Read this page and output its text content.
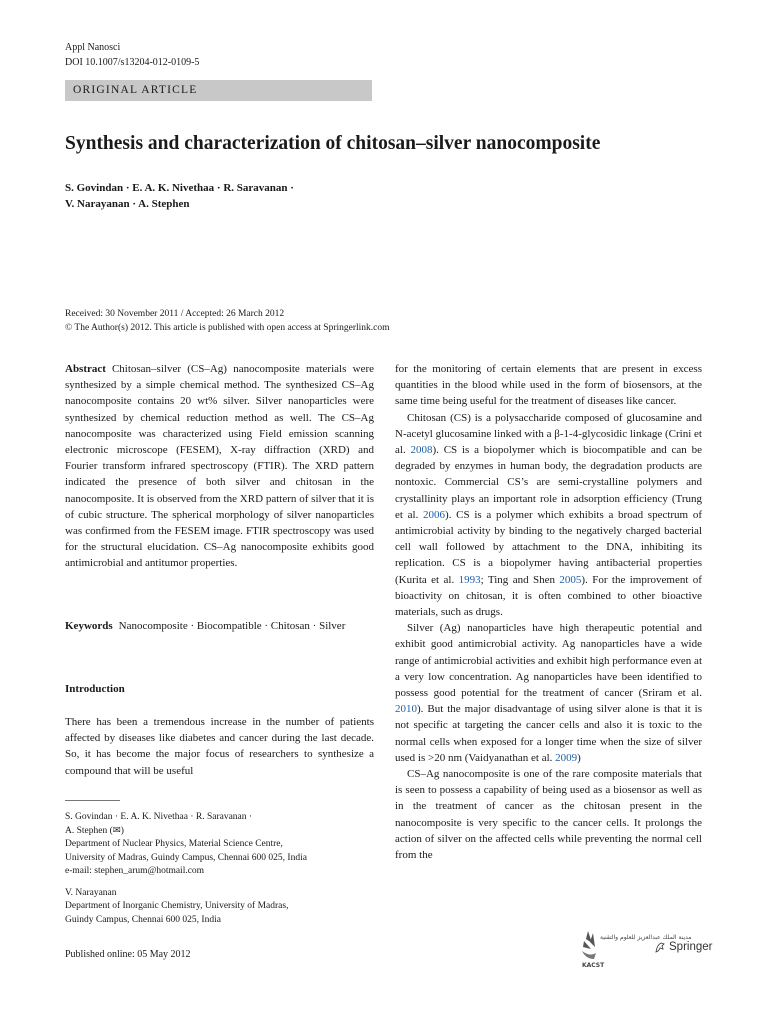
Appl Nanosci
DOI 10.1007/s13204-012-0109-5
ORIGINAL ARTICLE
Synthesis and characterization of chitosan–silver nanocomposite
S. Govindan · E. A. K. Nivethaa · R. Saravanan ·
V. Narayanan · A. Stephen
Received: 30 November 2011 / Accepted: 26 March 2012
© The Author(s) 2012. This article is published with open access at Springerlink.com

Abstract Chitosan–silver (CS–Ag) nanocomposite materials were synthesized by a simple chemical method. The synthesized CS–Ag nanocomposite contains 20 wt% silver. Silver nanoparticles were synthesized by chemical reduction method as well. The CS–Ag nanocomposite was characterized using Field emission scanning electronic microscope (FESEM), X-ray diffraction (XRD) and Fourier transform infrared spectroscopy (FTIR). The XRD pattern indicated the presence of both silver and chitosan in the nanocomposite. It is observed from the XRD pattern of silver that it is of cubic structure. The spherical morphology of silver nanoparticles was confirmed from the FESEM image. FTIR spectroscopy was used for the structural elucidation. CS–Ag nanocomposite exhibits good antimicrobial and antitumor properties.

Keywords Nanocomposite · Biocompatible · Chitosan · Silver

Introduction

There has been a tremendous increase in the number of patients affected by diseases like diabetes and cancer during the last decade. So, it has become the major focus of researchers to synthesize a compound that will be useful

S. Govindan · E. A. K. Nivethaa · R. Saravanan ·
A. Stephen (✉)
Department of Nuclear Physics, Material Science Centre,
University of Madras, Guindy Campus, Chennai 600 025, India
e-mail: stephen_arum@hotmail.com

V. Narayanan
Department of Inorganic Chemistry, University of Madras,
Guindy Campus, Chennai 600 025, India

Published online: 05 May 2012

for the monitoring of certain elements that are present in excess quantities in the blood while used in the form of biosensors, at the same time being useful for the treatment of diseases like cancer.

Chitosan (CS) is a polysaccharide composed of glucosamine and N-acetyl glucosamine linked with a β-1-4-glycosidic linkage (Crini et al. 2008). CS is a biopolymer which is biocompatible and can be degraded by enzymes in human body, the degradation products are nontoxic. Commercial CS’s are semi-crystalline polymers and crystallinity plays an important role in adsorption efficiency (Trung et al. 2006). CS is a polymer which exhibits a broad spectrum of antimicrobial activity by binding to the negatively charged bacterial cell wall followed by attachment to the DNA, inhibiting its replication. CS is a biopolymer having antibacterial properties (Kurita et al. 1993; Ting and Shen 2005). For the improvement of bioactivity on chitosan, it is often combined to other bioactive materials, such as drugs.

Silver (Ag) nanoparticles have high therapeutic potential and exhibit good antimicrobial activity. Ag nanoparticles have a wide range of antimicrobial activities and exhibit high performance even at a very low concentration. Ag nanoparticles have been identified to possess good potential for the treatment of cancer (Sriram et al. 2010). But the major disadvantage of using silver alone is that it is not specific at targeting the cancer cells and also it is toxic to the normal cells when exposed for a longer time when the size of silver used is >20 nm (Vaidyanathan et al. 2009)

CS–Ag nanocomposite is one of the rare composite materials that is seen to possess a capability of being used as a biosensor as well as in the treatment of cancer as the chitosan present in the nanocomposite is very specific to the cancer cells. It prolongs the action of silver on the affected cells while preventing the normal cell from the

مدينة الملك عبدالعزيز للعلوم والتقنية
KACST
Springer
